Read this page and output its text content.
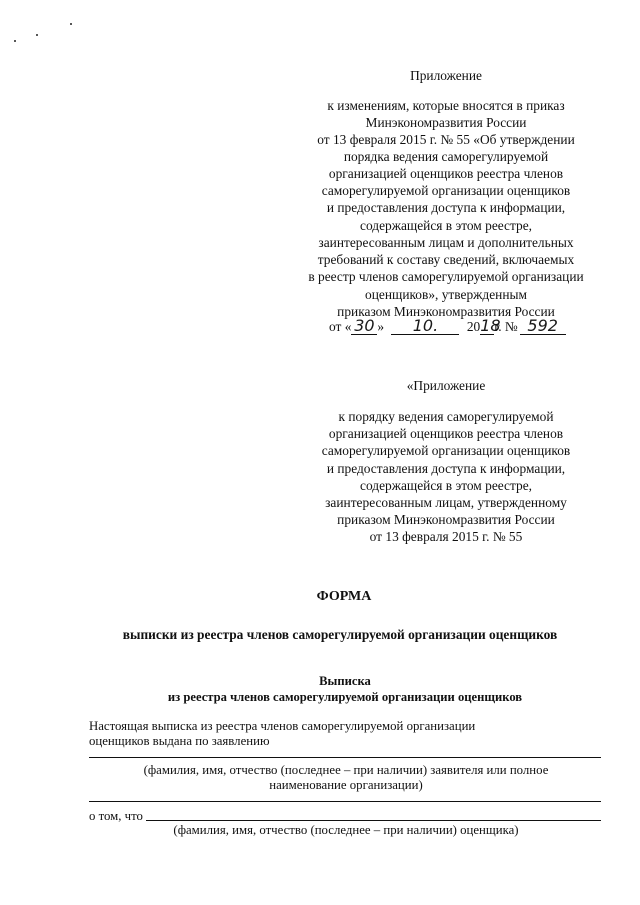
Приложение
к изменениям, которые вносятся в приказ
Минэкономразвития России
от 13 февраля 2015 г. № 55 «Об утверждении
порядка ведения саморегулируемой
организацией оценщиков реестра членов
саморегулируемой организации оценщиков
и предоставления доступа к информации,
содержащейся в этом реестре,
заинтересованным лицам и дополнительных
требований к составу сведений, включаемых
в реестр членов саморегулируемой организации
оценщиков», утвержденным
приказом Минэкономразвития России
от « 30 » 10. 2018г. № 592
«Приложение
к порядку ведения саморегулируемой
организацией оценщиков реестра членов
саморегулируемой организации оценщиков
и предоставления доступа к информации,
содержащейся в этом реестре,
заинтересованным лицам, утвержденному
приказом Минэкономразвития России
от 13 февраля 2015 г. № 55
ФОРМА
выписки из реестра членов саморегулируемой организации оценщиков
Выписка
из реестра членов саморегулируемой организации оценщиков
Настоящая выписка из реестра членов саморегулируемой организации
оценщиков выдана по заявлению
(фамилия, имя, отчество (последнее – при наличии) заявителя или полное
наименование организации)
о том, что
(фамилия, имя, отчество (последнее – при наличии) оценщика)
